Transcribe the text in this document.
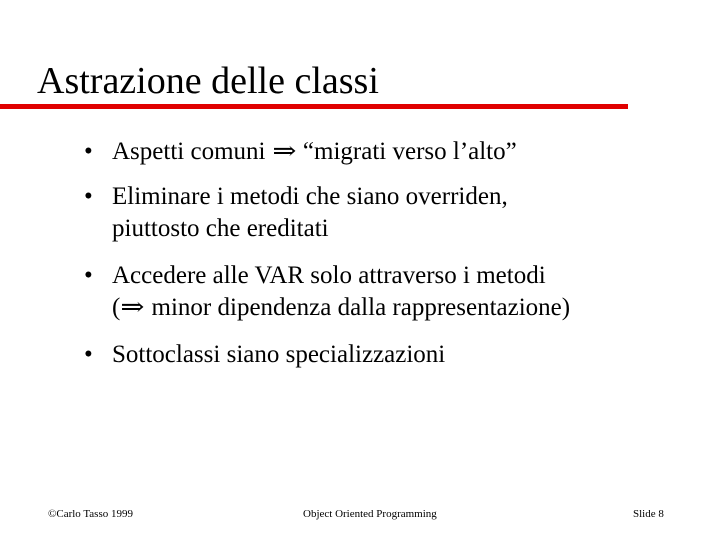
Astrazione delle classi
• Aspetti comuni ⇒ “migrati verso l’alto”
• Eliminare i metodi che siano overriden,
piuttosto che ereditati
• Accedere alle VAR solo attraverso i metodi
(⇒ minor dipendenza dalla rappresentazione)
• Sottoclassi siano specializzazioni
©Carlo Tasso 1999	Object Oriented Programming	Slide 8
